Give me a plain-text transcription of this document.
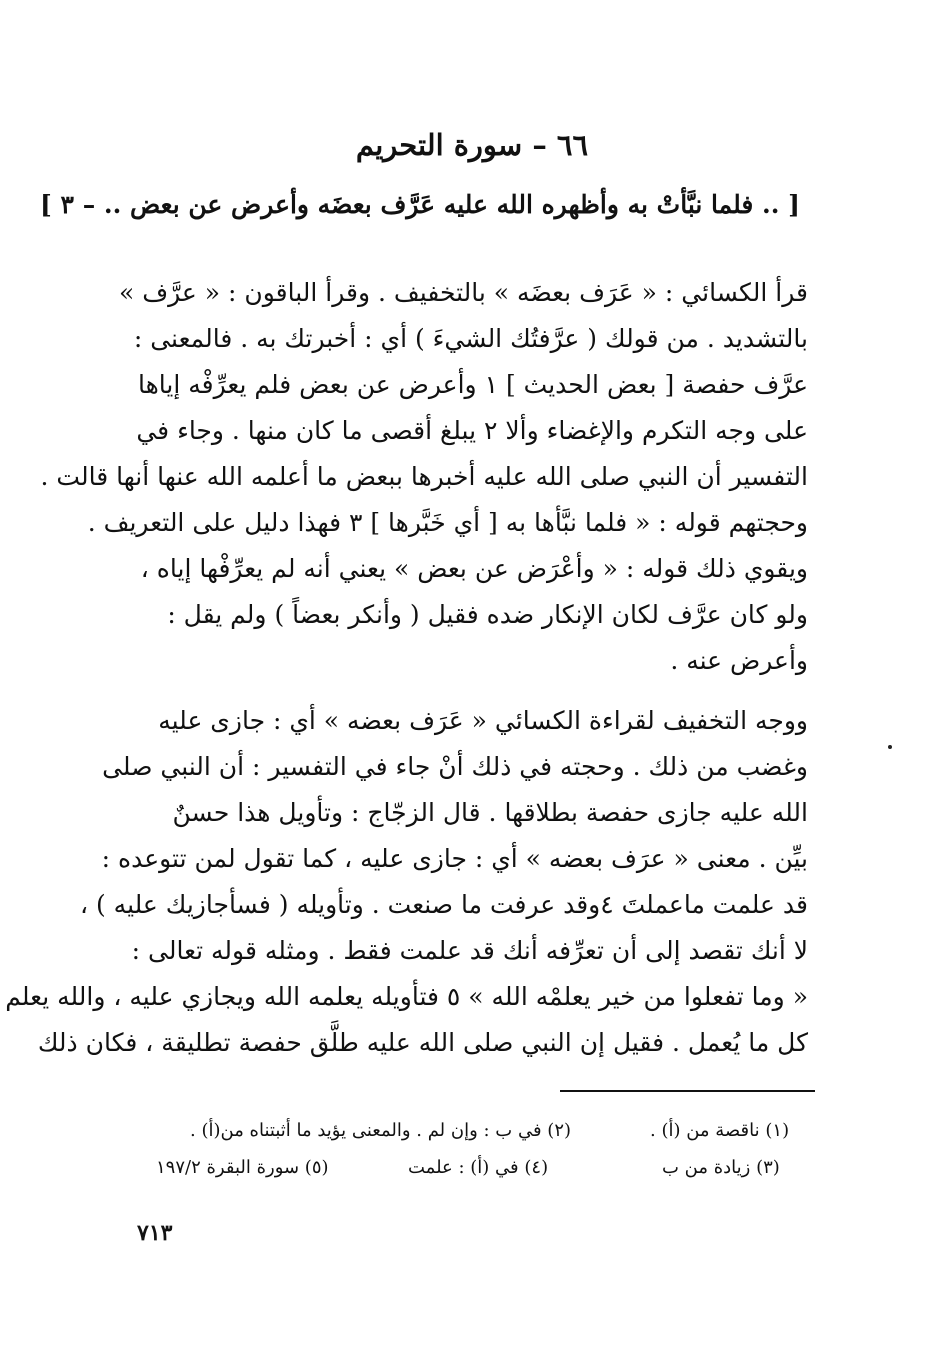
٦٦ – سورة التحريم
[ .. فلما نبَّأتْ به وأظهره الله عليه عَرَّف بعضَه وأعرض عن بعض .. – ٣ ]
قرأ الكسائي : « عَرَف بعضَه » بالتخفيف . وقرأ الباقون : « عرَّف »
بالتشديد . من قولك ( عرَّفتُك الشيءَ ) أي : أخبرتك به . فالمعنى :
عرَّف حفصة [ بعض الحديث ] ١ وأعرض عن بعض فلم يعرِّفْه إياها
على وجه التكرم والإغضاء وألا ٢ يبلغ أقصى ما كان منها . وجاء في
التفسير أن النبي صلى الله عليه أخبرها ببعض ما أعلمه الله عنها أنها قالت .
وحجتهم قوله : « فلما نبَّأها به [ أي خَبَّرها ] ٣ فهذا دليل على التعريف .
ويقوي ذلك قوله : « وأعْرَض عن بعض » يعني أنه لم يعرِّفْها إياه ،
ولو كان عرَّف لكان الإنكار ضده فقيل ( وأنكر بعضاً ) ولم يقل :
وأعرض عنه .
ووجه التخفيف لقراءة الكسائي « عَرَف بعضه » أي : جازى عليه
وغضب من ذلك . وحجته في ذلك أنْ جاء في التفسير : أن النبي صلى
الله عليه جازى حفصة بطلاقها . قال الزجّاج : وتأويل هذا حسنٌ
بيِّن . معنى « عرَف بعضه » أي : جازى عليه ، كما تقول لمن تتوعده :
قد علمت ماعملتَ ٤وقد عرفت ما صنعت . وتأويله ( فسأجازيك عليه ) ،
لا أنك تقصد إلى أن تعرِّفه أنك قد علمت فقط . ومثله قوله تعالى :
« وما تفعلوا من خير يعلمْه الله » ٥ فتأويله يعلمه الله ويجازي عليه ، والله يعلم
كل ما يُعمل . فقيل إن النبي صلى الله عليه طلَّق حفصة تطليقة ، فكان ذلك
(١) ناقصة من (أ) .
(٢) في ب : وإن لم . والمعنى يؤيد ما أثبتناه من(أ) .
(٣) زيادة من ب
(٤) في (أ) : علمت
(٥) سورة البقرة ١٩٧/٢
٧١٣
